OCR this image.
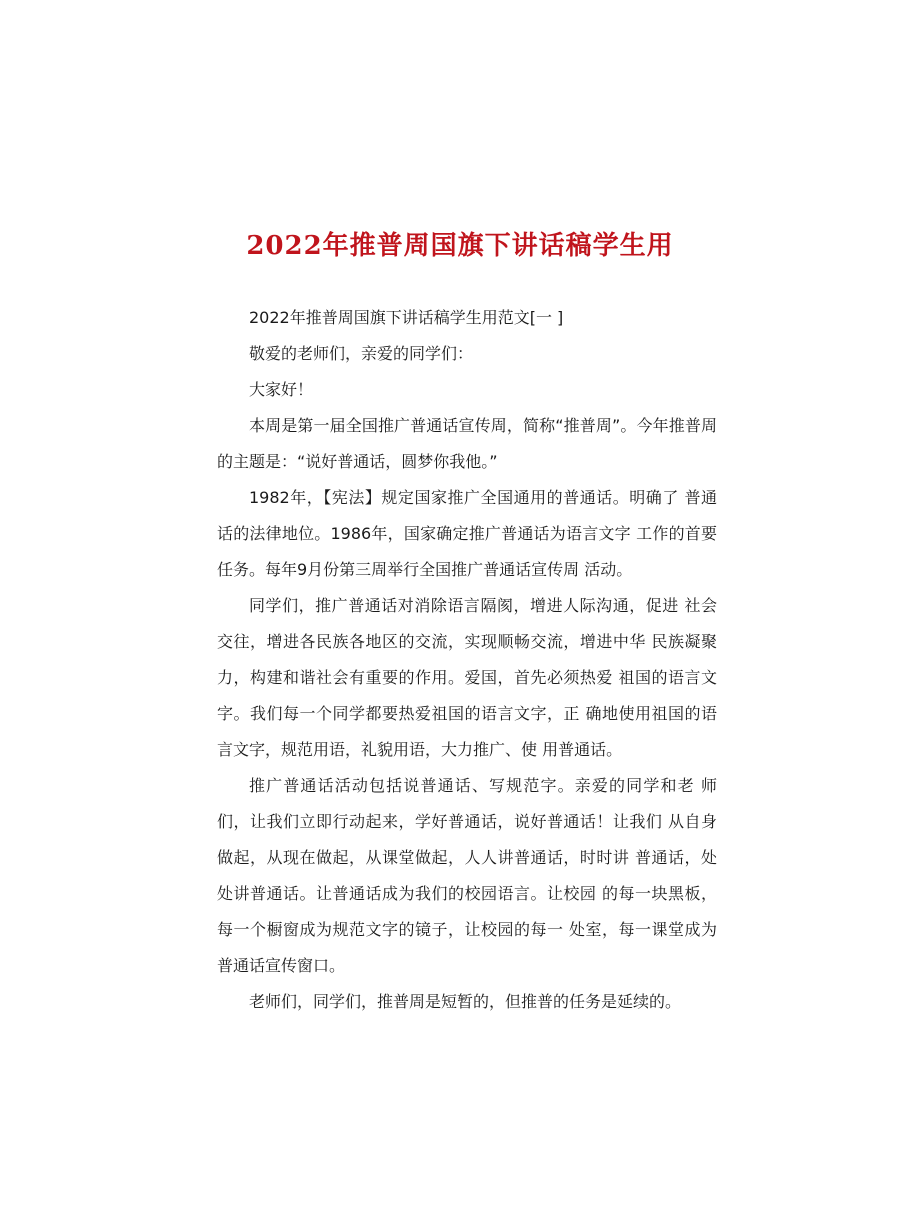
2022年推普周国旗下讲话稿学生用

2022年推普周国旗下讲话稿学生用范文[一 ]

敬爱的老师们，亲爱的同学们：

大家好！

本周是第一届全国推广普通话宣传周，简称“推普周”。今年推普周的主题是：“说好普通话，圆梦你我他。”

1982年，【宪法】规定国家推广全国通用的普通话。明确了 普通话的法律地位。1986年，国家确定推广普通话为语言文字 工作的首要任务。每年9月份第三周举行全国推广普通话宣传周 活动。

同学们，推广普通话对消除语言隔阂，增进人际沟通，促进 社会交往，增进各民族各地区的交流，实现顺畅交流，增进中华 民族凝聚力，构建和谐社会有重要的作用。爱国，首先必须热爱 祖国的语言文字。我们每一个同学都要热爱祖国的语言文字，正 确地使用祖国的语言文字，规范用语，礼貌用语，大力推广、使 用普通话。

推广普通话活动包括说普通话、写规范字。亲爱的同学和老 师们，让我们立即行动起来，学好普通话，说好普通话！让我们 从自身做起，从现在做起，从课堂做起，人人讲普通话，时时讲 普通话，处处讲普通话。让普通话成为我们的校园语言。让校园 的每一块黑板，每一个橱窗成为规范文字的镜子，让校园的每一 处室，每一课堂成为普通话宣传窗口。

老师们，同学们，推普周是短暂的，但推普的任务是延续的。
